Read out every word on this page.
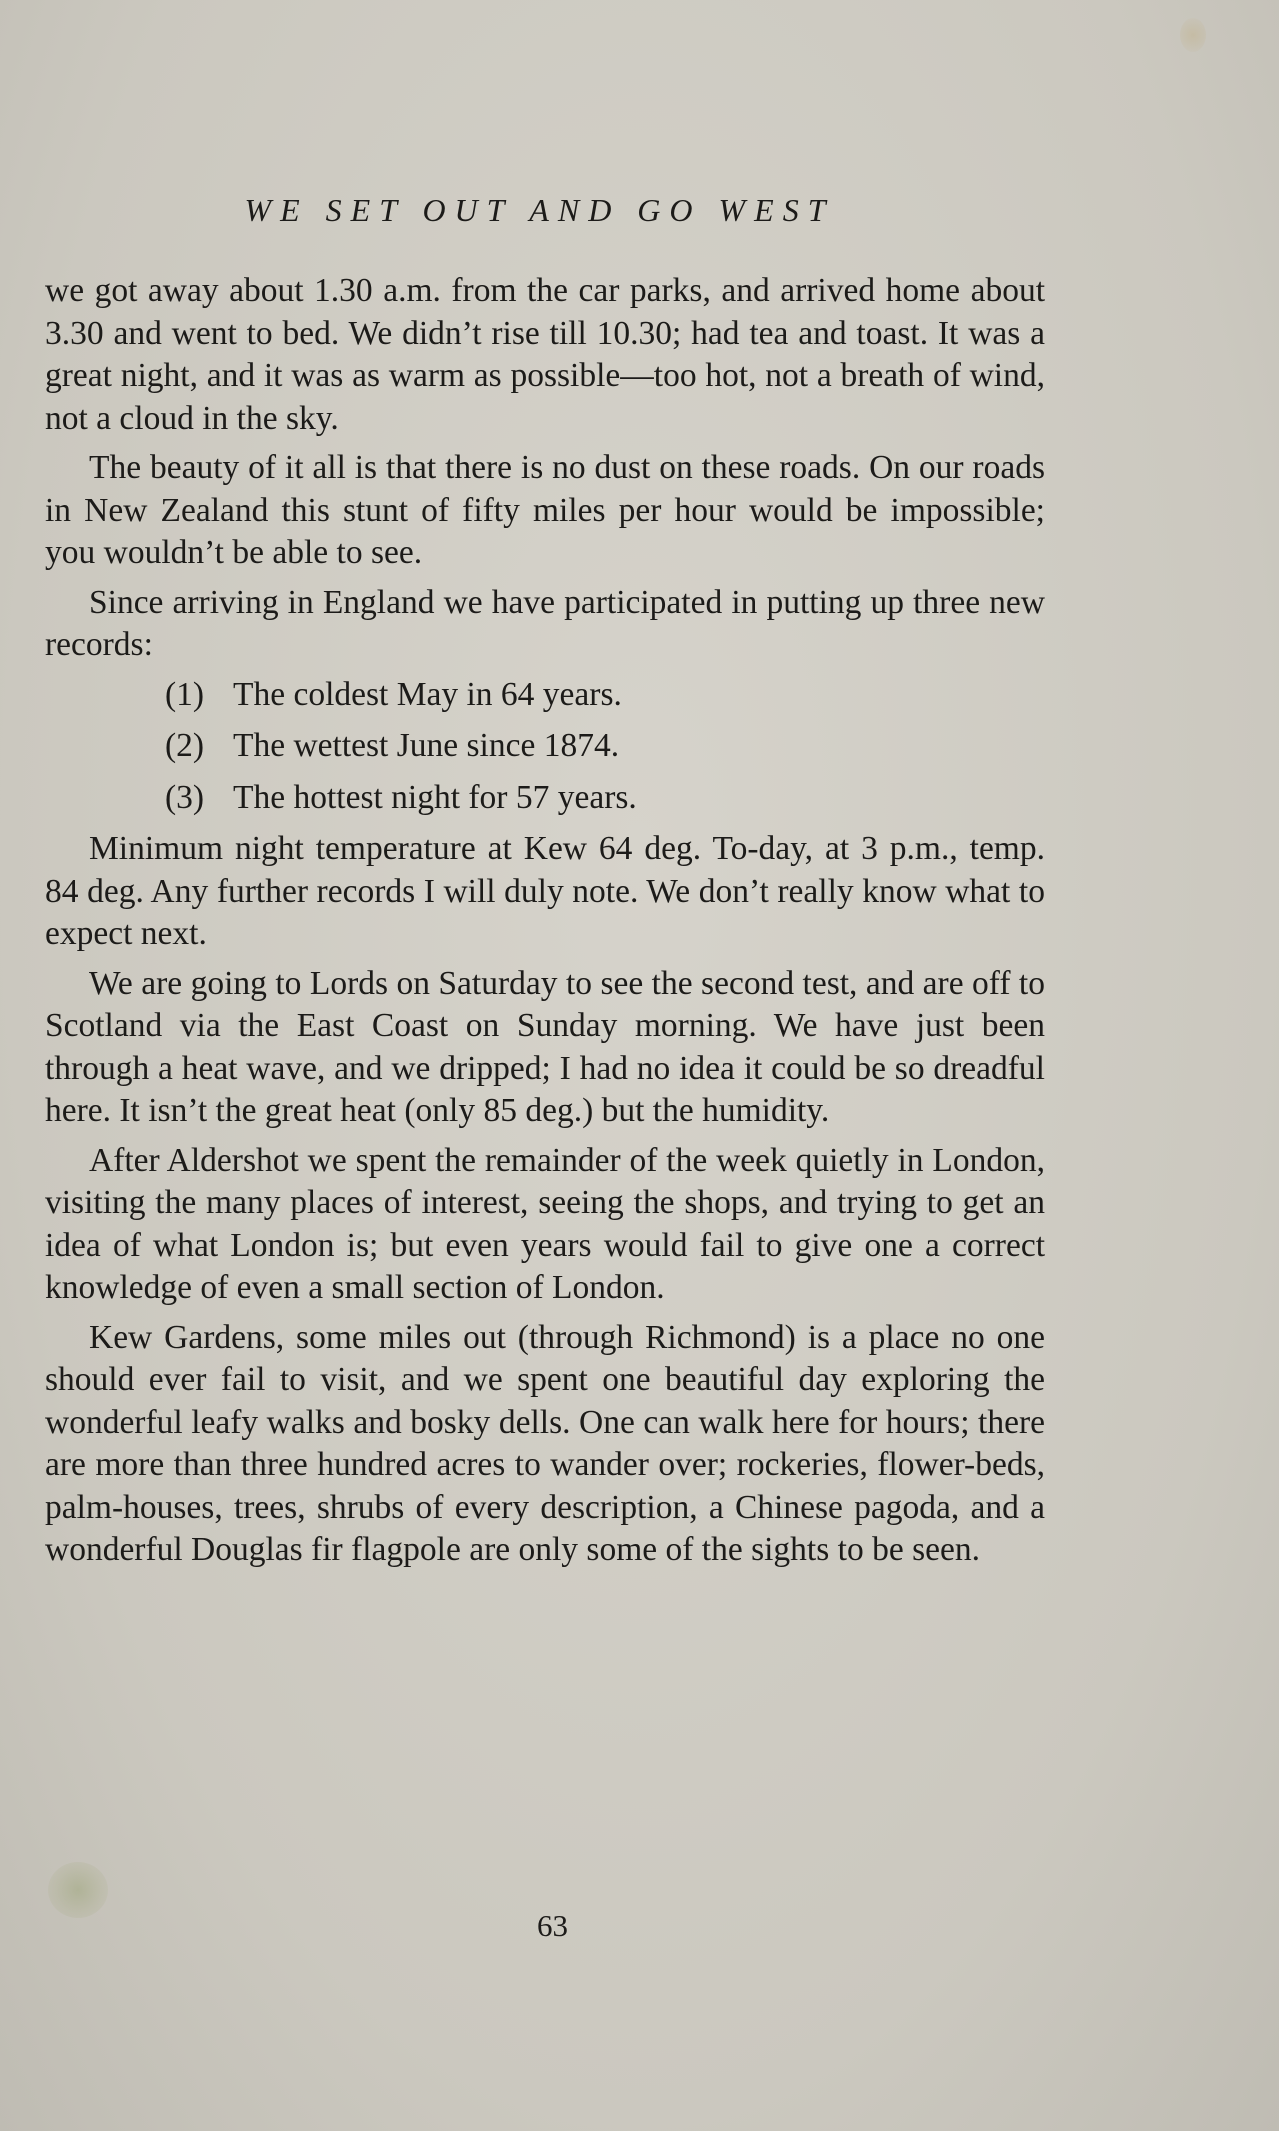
WE SET OUT AND GO WEST

we got away about 1.30 a.m. from the car parks, and arrived home about 3.30 and went to bed. We didn’t rise till 10.30; had tea and toast. It was a great night, and it was as warm as possible—too hot, not a breath of wind, not a cloud in the sky.

The beauty of it all is that there is no dust on these roads. On our roads in New Zealand this stunt of fifty miles per hour would be impossible; you wouldn’t be able to see.

Since arriving in England we have participated in putting up three new records:

(1) The coldest May in 64 years.
(2) The wettest June since 1874.
(3) The hottest night for 57 years.

Minimum night temperature at Kew 64 deg. To-day, at 3 p.m., temp. 84 deg. Any further records I will duly note. We don’t really know what to expect next.

We are going to Lords on Saturday to see the second test, and are off to Scotland via the East Coast on Sunday morning. We have just been through a heat wave, and we dripped; I had no idea it could be so dreadful here. It isn’t the great heat (only 85 deg.) but the humidity.

After Aldershot we spent the remainder of the week quietly in London, visiting the many places of interest, seeing the shops, and trying to get an idea of what London is; but even years would fail to give one a correct knowledge of even a small section of London.

Kew Gardens, some miles out (through Richmond) is a place no one should ever fail to visit, and we spent one beautiful day exploring the wonderful leafy walks and bosky dells. One can walk here for hours; there are more than three hundred acres to wander over; rockeries, flower-beds, palm-houses, trees, shrubs of every description, a Chinese pagoda, and a wonderful Douglas fir flagpole are only some of the sights to be seen.

63
